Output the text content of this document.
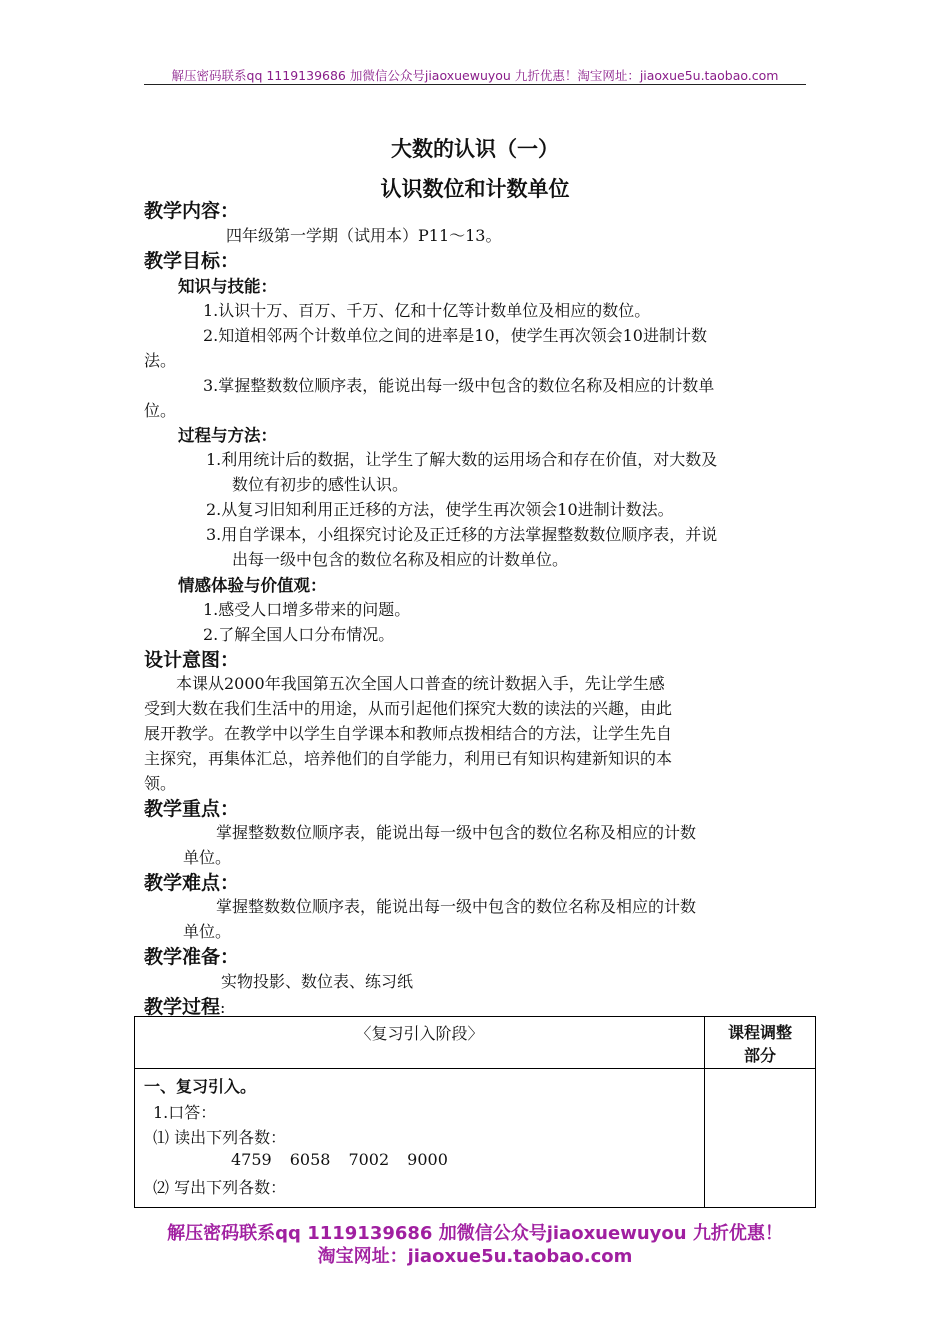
解压密码联系qq 1119139686 加微信公众号jiaoxuewuyou 九折优惠！淘宝网址：jiaoxue5u.taobao.com
大数的认识（一）
认识数位和计数单位
教学内容：
四年级第一学期（试用本）P11～13。
教学目标：
知识与技能：
1.认识十万、百万、千万、亿和十亿等计数单位及相应的数位。
2.知道相邻两个计数单位之间的进率是10，使学生再次领会10进制计数
法。
3.掌握整数数位顺序表，能说出每一级中包含的数位名称及相应的计数单
位。
过程与方法：
1.利用统计后的数据，让学生了解大数的运用场合和存在价值，对大数及
数位有初步的感性认识。
2.从复习旧知利用正迁移的方法，使学生再次领会10进制计数法。
3.用自学课本，小组探究讨论及正迁移的方法掌握整数数位顺序表，并说
出每一级中包含的数位名称及相应的计数单位。
情感体验与价值观：
1.感受人口增多带来的问题。
2.了解全国人口分布情况。
设计意图：
本课从2000年我国第五次全国人口普查的统计数据入手，先让学生感
受到大数在我们生活中的用途，从而引起他们探究大数的读法的兴趣，由此
展开教学。在教学中以学生自学课本和教师点拨相结合的方法，让学生先自
主探究，再集体汇总，培养他们的自学能力，利用已有知识构建新知识的本
领。
教学重点：
掌握整数数位顺序表，能说出每一级中包含的数位名称及相应的计数
单位。
教学难点：
掌握整数数位顺序表，能说出每一级中包含的数位名称及相应的计数
单位。
教学准备：
实物投影、数位表、练习纸
教学过程:
〈复习引入阶段〉	课程调整
部分

一、复习引入。
1.口答：
⑴ 读出下列各数：
4759 6058 7002 9000
⑵ 写出下列各数：	

解压密码联系qq 1119139686 加微信公众号jiaoxuewuyou 九折优惠！
淘宝网址：jiaoxue5u.taobao.com
